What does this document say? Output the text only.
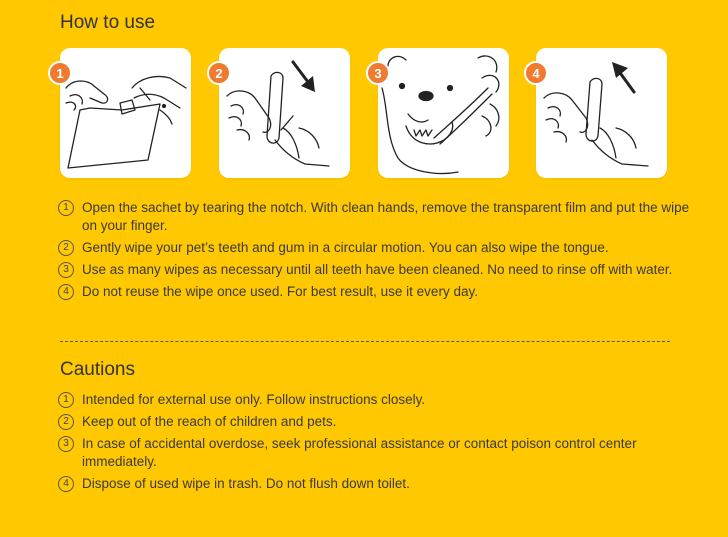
How to use
1	2	3	4
1 Open the sachet by tearing the notch. With clean hands, remove the transparent film and put the wipe on your finger.
2 Gently wipe your pet’s teeth and gum in a circular motion. You can also wipe the tongue.
3 Use as many wipes as necessary until all teeth have been cleaned. No need to rinse off with water.
4 Do not reuse the wipe once used. For best result, use it every day.
Cautions
1 Intended for external use only. Follow instructions closely.
2 Keep out of the reach of children and pets.
3 In case of accidental overdose, seek professional assistance or contact poison control center immediately.
4 Dispose of used wipe in trash. Do not flush down toilet.
